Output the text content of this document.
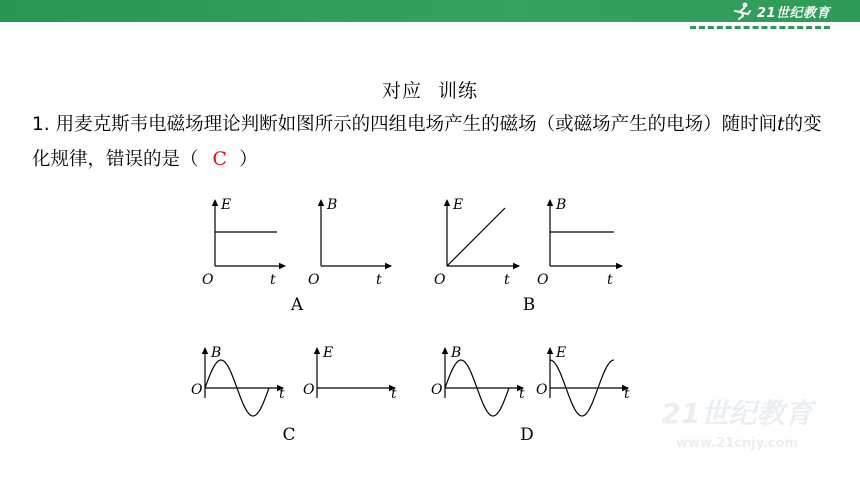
21世纪教育
对应 训练
1. 用麦克斯韦电磁场理论判断如图所示的四组电场产生的磁场（或磁场产生的电场）随时间t的变化规律，错误的是（ C ）
E
O	t
B
O	t
A
E
O	t
B
O	t
B
B
O	t
E
O	t
C
B
O	t
E
O	t
D
21世纪教育
www.21cnjy.com
